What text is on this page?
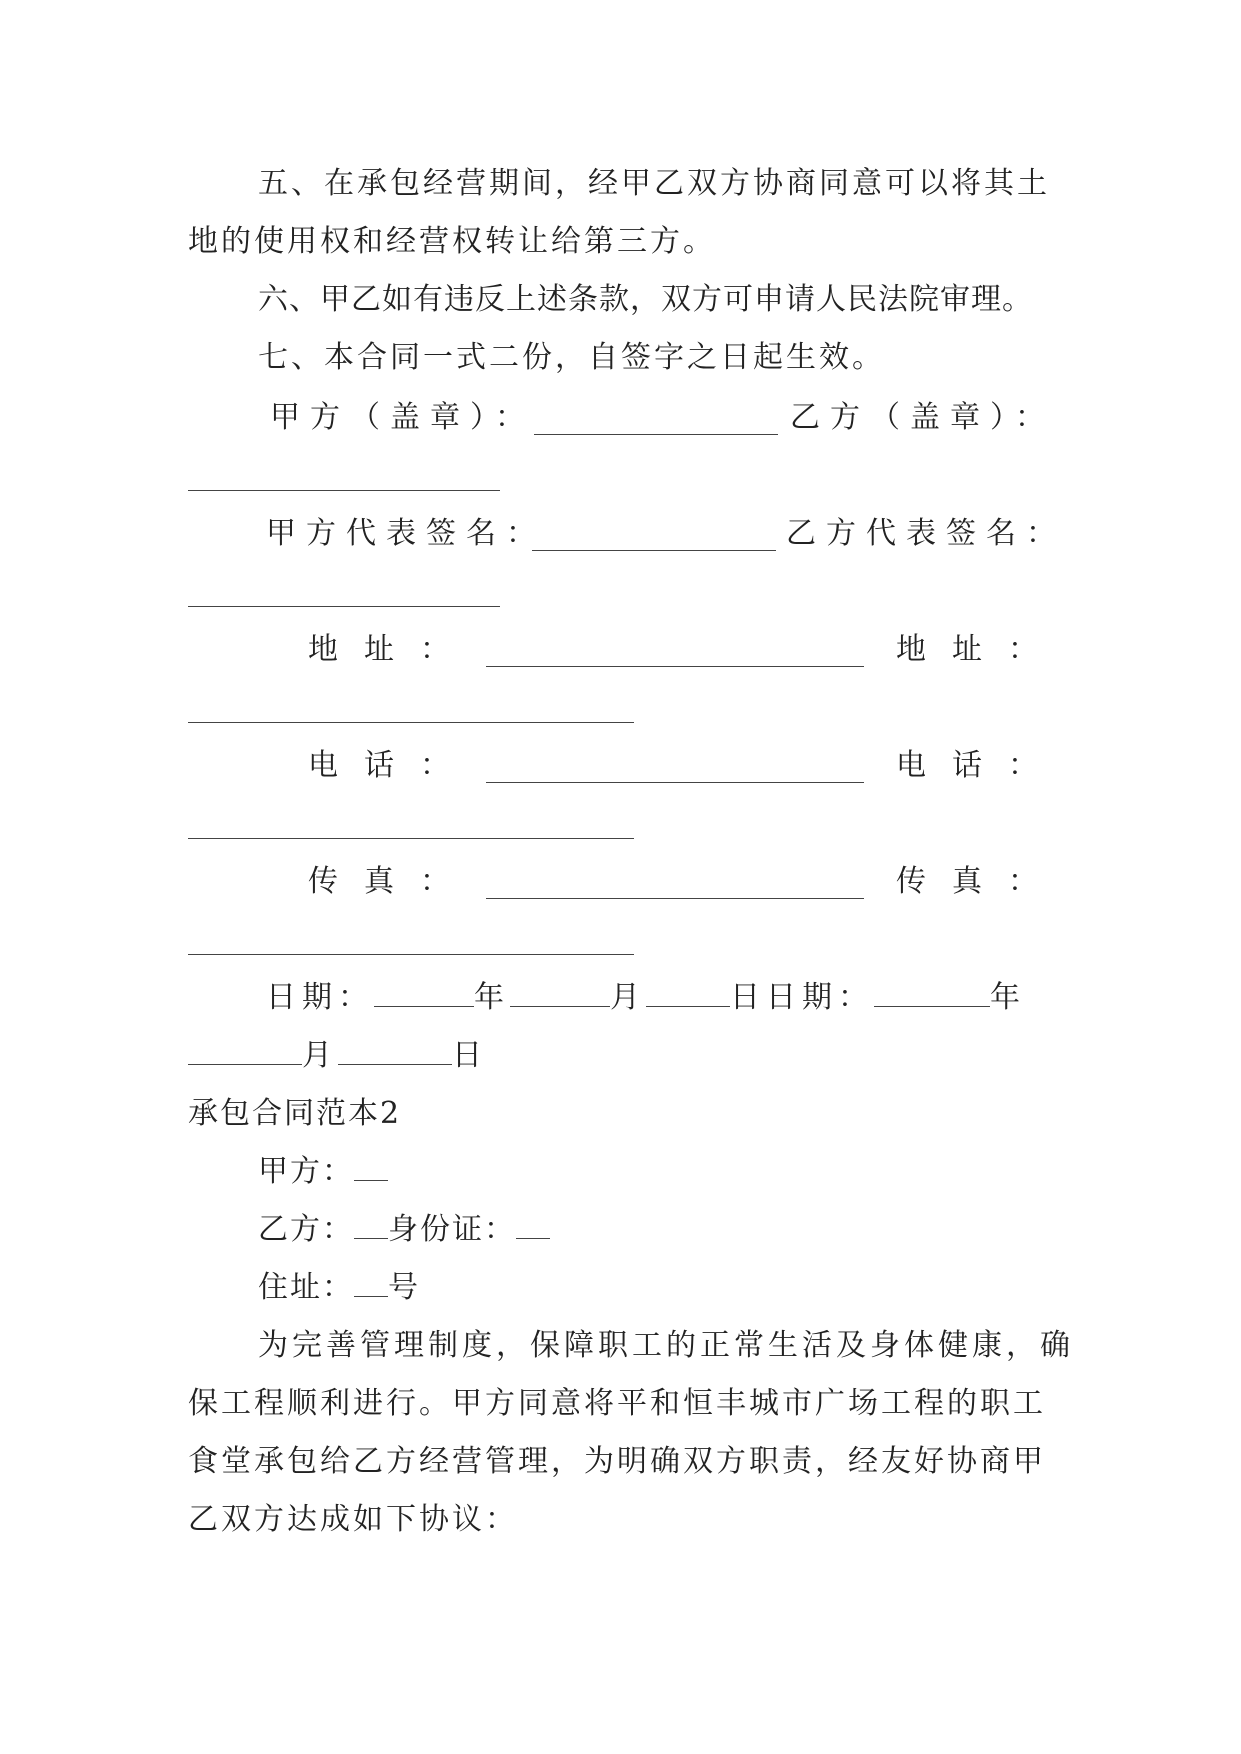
五、在承包经营期间，经甲乙双方协商同意可以将其土
地的使用权和经营权转让给第三方。
六、甲乙如有违反上述条款，双方可申请人民法院审理。
七、本合同一式二份，自签字之日起生效。
甲方（盖章）：	乙方（盖章）：
甲方代表签名：	乙方代表签名：
地址：	地址：
电话：	电话：
传真：	传真：
日期：	年	月	日日期：	年
月	日
承包合同范本2
甲方：
乙方： 身份证：
住址： 号
为完善管理制度，保障职工的正常生活及身体健康，确
保工程顺利进行。甲方同意将平和恒丰城市广场工程的职工
食堂承包给乙方经营管理，为明确双方职责，经友好协商甲
乙双方达成如下协议：
